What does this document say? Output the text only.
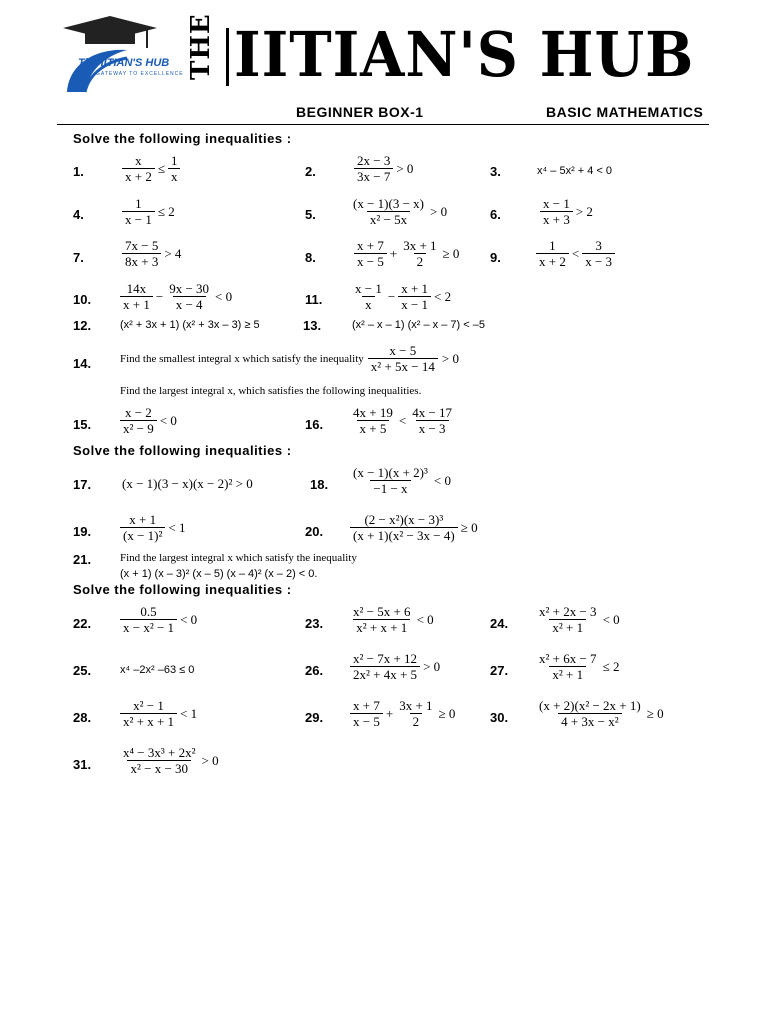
The IITIAN'S HUB
GATEWAY TO EXCELLENCE THE IITIAN'S HUB
BEGINNER BOX-1	BASIC MATHEMATICS
Solve the following inequalities :
1.	$\frac{x}{x + 2} \le \frac{1}{x}$	2.	$\frac{2x - 3}{3x - 7} > 0$	3.	x⁴ – 5x² + 4 < 0
4.	$\frac{1}{x - 1} \le 2$	5.	$\frac{(x - 1)(3 - x)}{\text{x² − 5x}} > 0$	6.	$\frac{x - 1}{x + 3} > 2$
7.	$\frac{7x - 5}{8x + 3} > 4$	8.	$\frac{x + 7}{x - 5} + \frac{3x + 1}{2} \ge 0$ 9.	$\frac{1}{x + 2} < \frac{3}{x - 3}$
10. $\frac{14x}{x + 1} - \frac{9x - 30}{x - 4} < 0$	11. $\frac{x - 1}{x} - \frac{x + 1}{x - 1} < 2$
12.	(x² + 3x + 1) (x² + 3x – 3) ≥ 5	13.	(x² – x – 1) (x² – x – 7) < –5
14.	Find the smallest integral x which satisfy the inequality $\frac{x - 5}{\text{x² + 5x − 14}} > 0$
Find the largest integral x, which satisfies the following inequalities.
15. $\frac{x - 2}{\text{x² − 9}} < 0$	16. $\frac{4x + 19}{x + 5} < \frac{4x - 17}{x - 3}$
Solve the following inequalities :
17. (x − 1)(3 − x)(x − 2)² > 0	18. $\frac{\text{(x − 1)(x + 2)³}}{-1 - x} < 0$
19. $\frac{x + 1}{\text{(x − 1)²}} < 1$	20. $\frac{\text{(2 − x²)(x − 3)³}}{\text{(x + 1)(x² − 3x − 4)}} \ge 0$
21.	Find the largest integral x which satisfy the inequality
(x + 1) (x – 3)² (x – 5) (x – 4)² (x – 2) < 0.
Solve the following inequalities :
22. $\frac{0.5}{\text{x − x² − 1}} < 0$	23. $\frac{\text{x² − 5x + 6}}{\text{x² + x + 1}} < 0$	24. $\frac{\text{x² + 2x − 3}}{\text{x² + 1}} < 0$
25.	x⁴ –2x² –63 ≤ 0	26. $\frac{\text{x² − 7x + 12}}{\text{2x² + 4x + 5}} > 0$	27. $\frac{\text{x² + 6x − 7}}{\text{x² + 1}} \le 2$
28. $\frac{\text{x² − 1}}{\text{x² + x + 1}} < 1$	29. $\frac{x + 7}{x - 5} + \frac{3x + 1}{2} \ge 0$	30. $\frac{\text{(x + 2)(x² − 2x + 1)}}{\text{4 + 3x − x²}} \ge 0$
31. $\frac{\text{x⁴ − 3x³ + 2x²}}{\text{x² − x − 30}} > 0$
